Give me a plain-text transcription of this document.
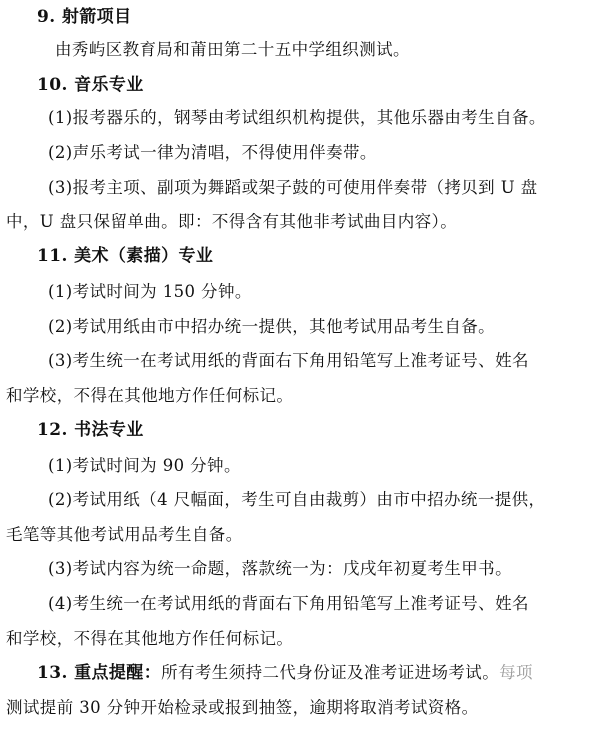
9. 射箭项目
由秀屿区教育局和莆田第二十五中学组织测试。
10. 音乐专业
(1)报考器乐的，钢琴由考试组织机构提供，其他乐器由考生自备。
(2)声乐考试一律为清唱，不得使用伴奏带。
(3)报考主项、副项为舞蹈或架子鼓的可使用伴奏带（拷贝到 U 盘
中，U 盘只保留单曲。即：不得含有其他非考试曲目内容）。
11. 美术（素描）专业
(1)考试时间为 150 分钟。
(2)考试用纸由市中招办统一提供，其他考试用品考生自备。
(3)考生统一在考试用纸的背面右下角用铅笔写上准考证号、姓名
和学校，不得在其他地方作任何标记。
12. 书法专业
(1)考试时间为 90 分钟。
(2)考试用纸（4 尺幅面，考生可自由裁剪）由市中招办统一提供，
毛笔等其他考试用品考生自备。
(3)考试内容为统一命题，落款统一为：戊戌年初夏考生甲书。
(4)考生统一在考试用纸的背面右下角用铅笔写上准考证号、姓名
和学校，不得在其他地方作任何标记。
13. 重点提醒：所有考生须持二代身份证及准考证进场考试。每项
测试提前 30 分钟开始检录或报到抽签，逾期将取消考试资格。
